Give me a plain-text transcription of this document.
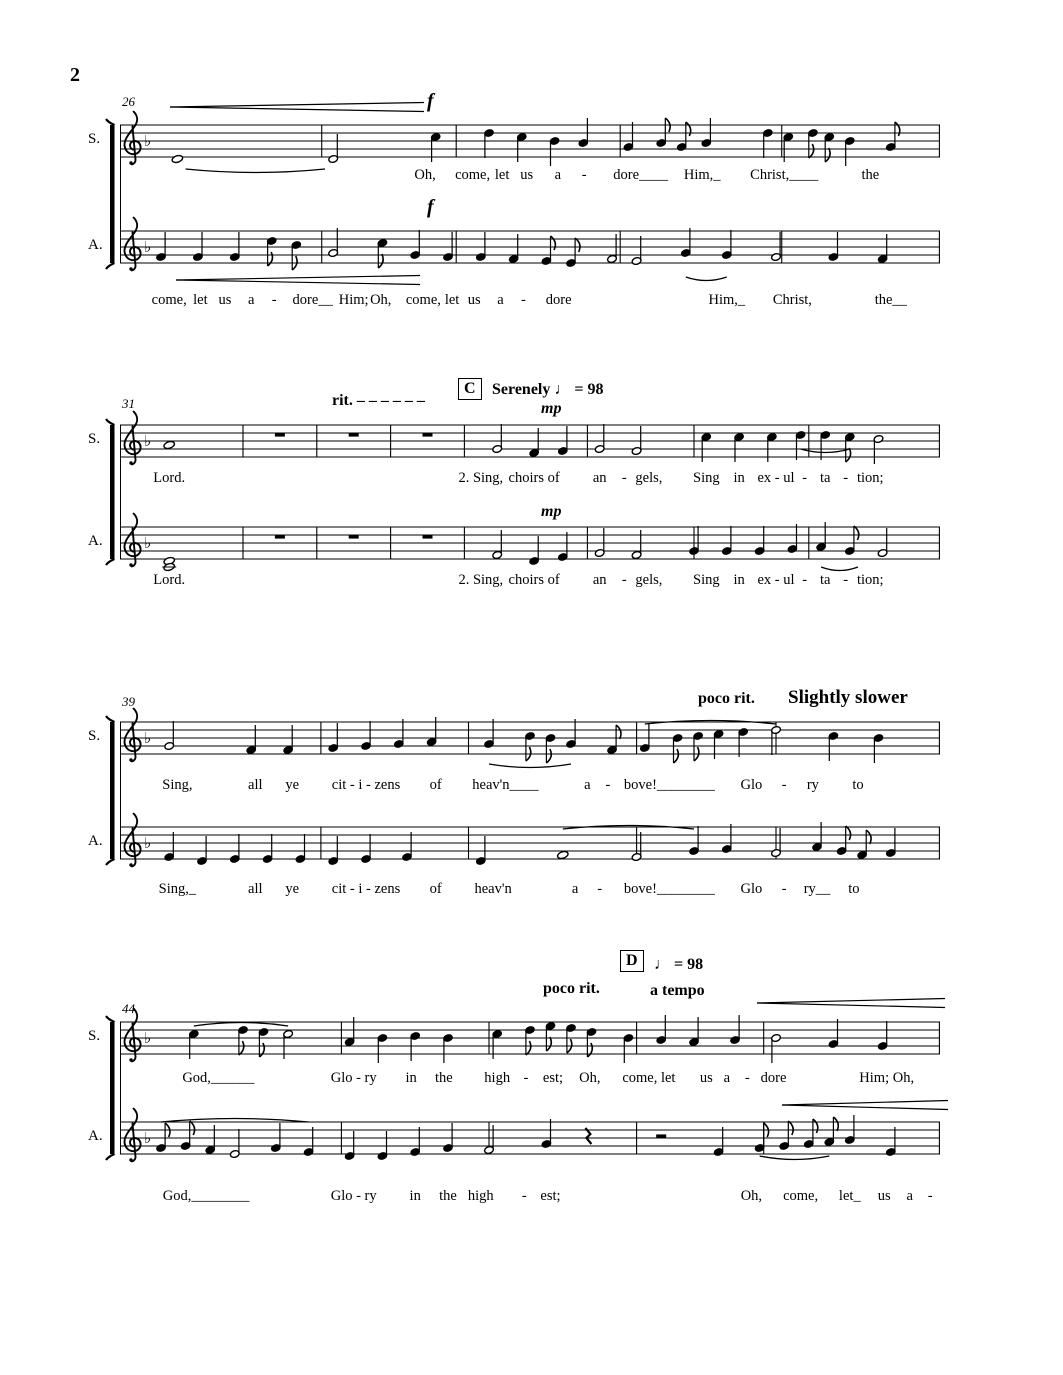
2
26	f
f
♭
S.
Oh, come, let us a - dore____ Him,_ Christ,____	the
♭
A.
come, let us a - dore__ Him; Oh, come, let us a - dore	Him,_ Christ,	the__
31	rit. – – – – – –
C	Serenely ♩ = 98
mp
mp
♭
S.
Lord.	2. Sing, choirs of an - gels, Sing in ex - ul - ta - tion;
♭
A.
Lord.	2. Sing, choirs of an - gels, Sing in ex - ul - ta - tion;
39	poco rit. Slightly slower
♭
S.
Sing,	all ye cit - i - zens of heav'n____	a - bove!________ Glo - ry to
♭
A.
Sing,_	all ye cit - i - zens of heav'n	a - bove!________ Glo - ry__ to
44
D	♩ = 98
poco rit.	a tempo
♭
S.
God,______	Glo - ry in the high - est; Oh, come, let us a - dore	Him; Oh,
♭
A.
God,________	Glo - ry in the high - est;	Oh, come, let_ us a -
